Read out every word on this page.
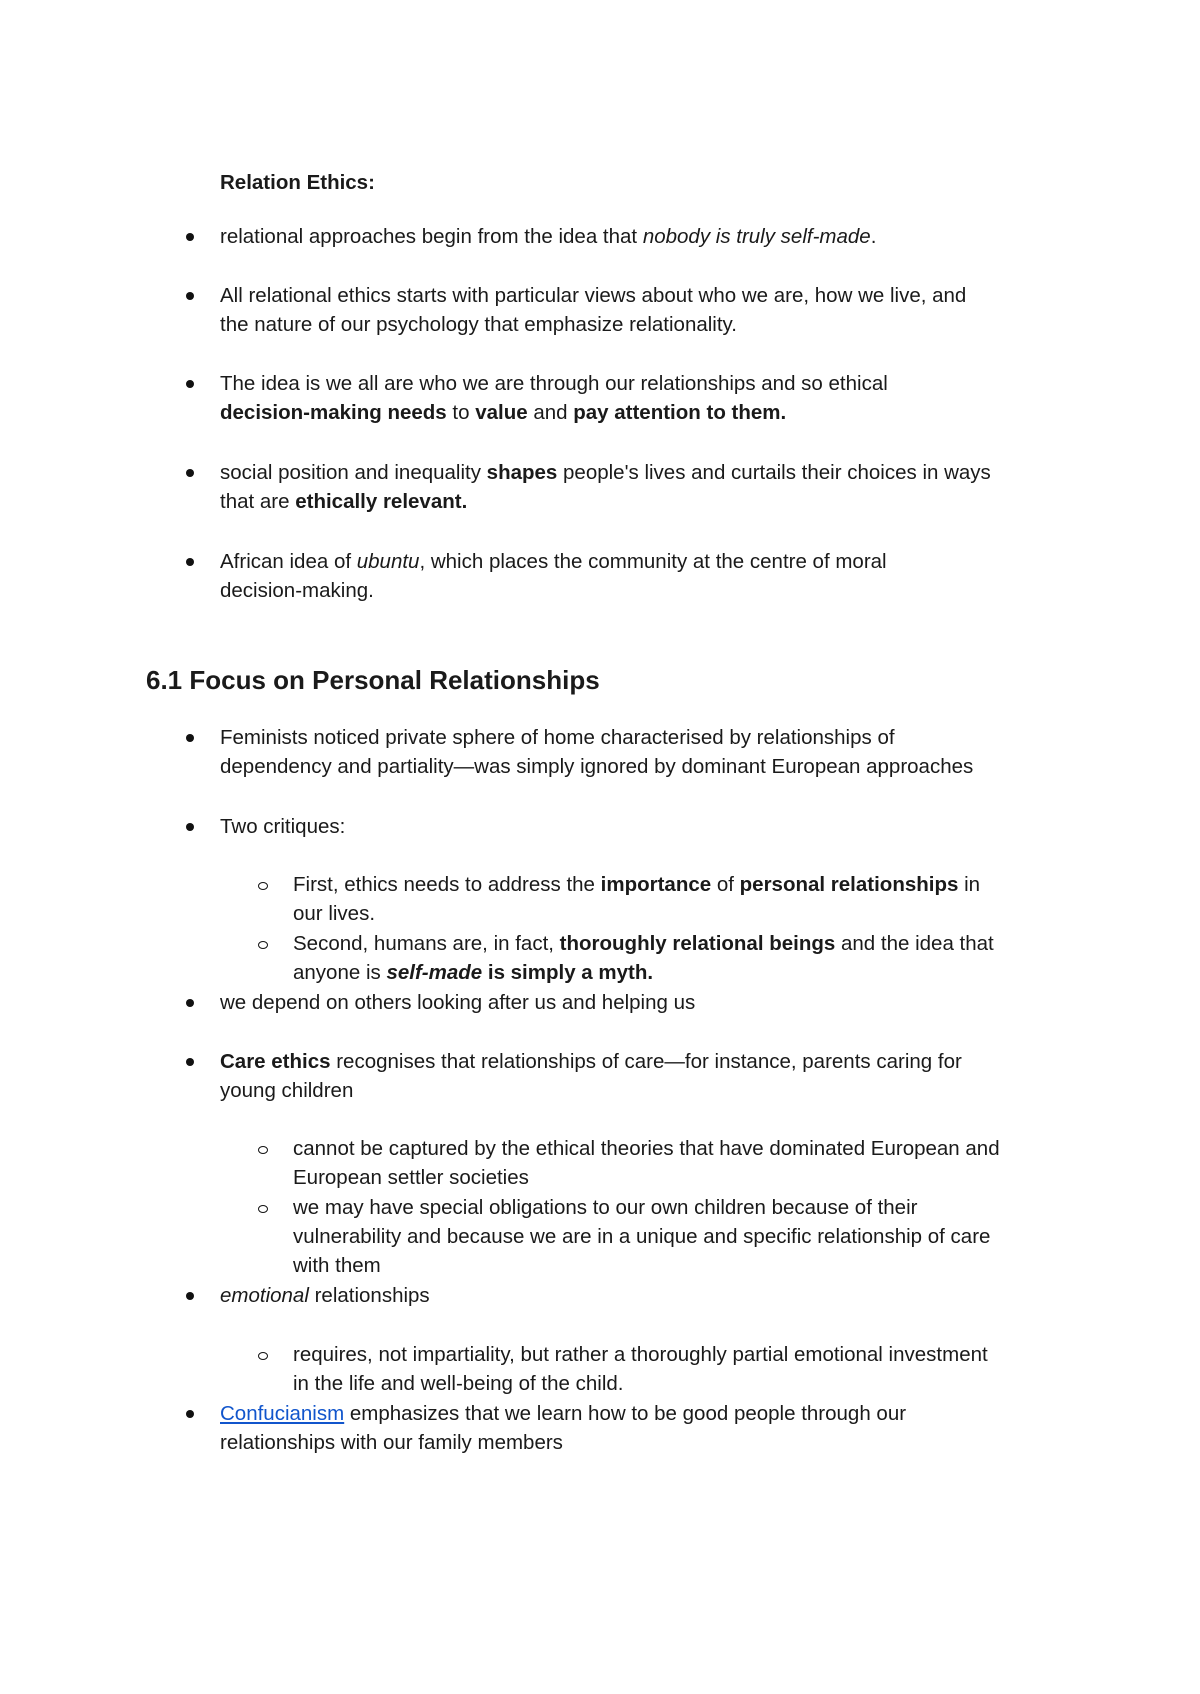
Relation Ethics:
relational approaches begin from the idea that nobody is truly self-made.
All relational ethics starts with particular views about who we are, how we live, and
the nature of our psychology that emphasize relationality.
The idea is we all are who we are through our relationships and so ethical
decision-making needs to value and pay attention to them.
social position and inequality shapes people's lives and curtails their choices in ways
that are ethically relevant.
African idea of ubuntu, which places the community at the centre of moral
decision-making.
6.1 Focus on Personal Relationships
Feminists noticed private sphere of home characterised by relationships of
dependency and partiality—was simply ignored by dominant European approaches
Two critiques:
First, ethics needs to address the importance of personal relationships in
our lives.
Second, humans are, in fact, thoroughly relational beings and the idea that
anyone is self-made is simply a myth.
we depend on others looking after us and helping us
Care ethics recognises that relationships of care—for instance, parents caring for
young children
cannot be captured by the ethical theories that have dominated European and
European settler societies
we may have special obligations to our own children because of their
vulnerability and because we are in a unique and specific relationship of care
with them
emotional relationships
requires, not impartiality, but rather a thoroughly partial emotional investment
in the life and well-being of the child.
Confucianism emphasizes that we learn how to be good people through our
relationships with our family members
